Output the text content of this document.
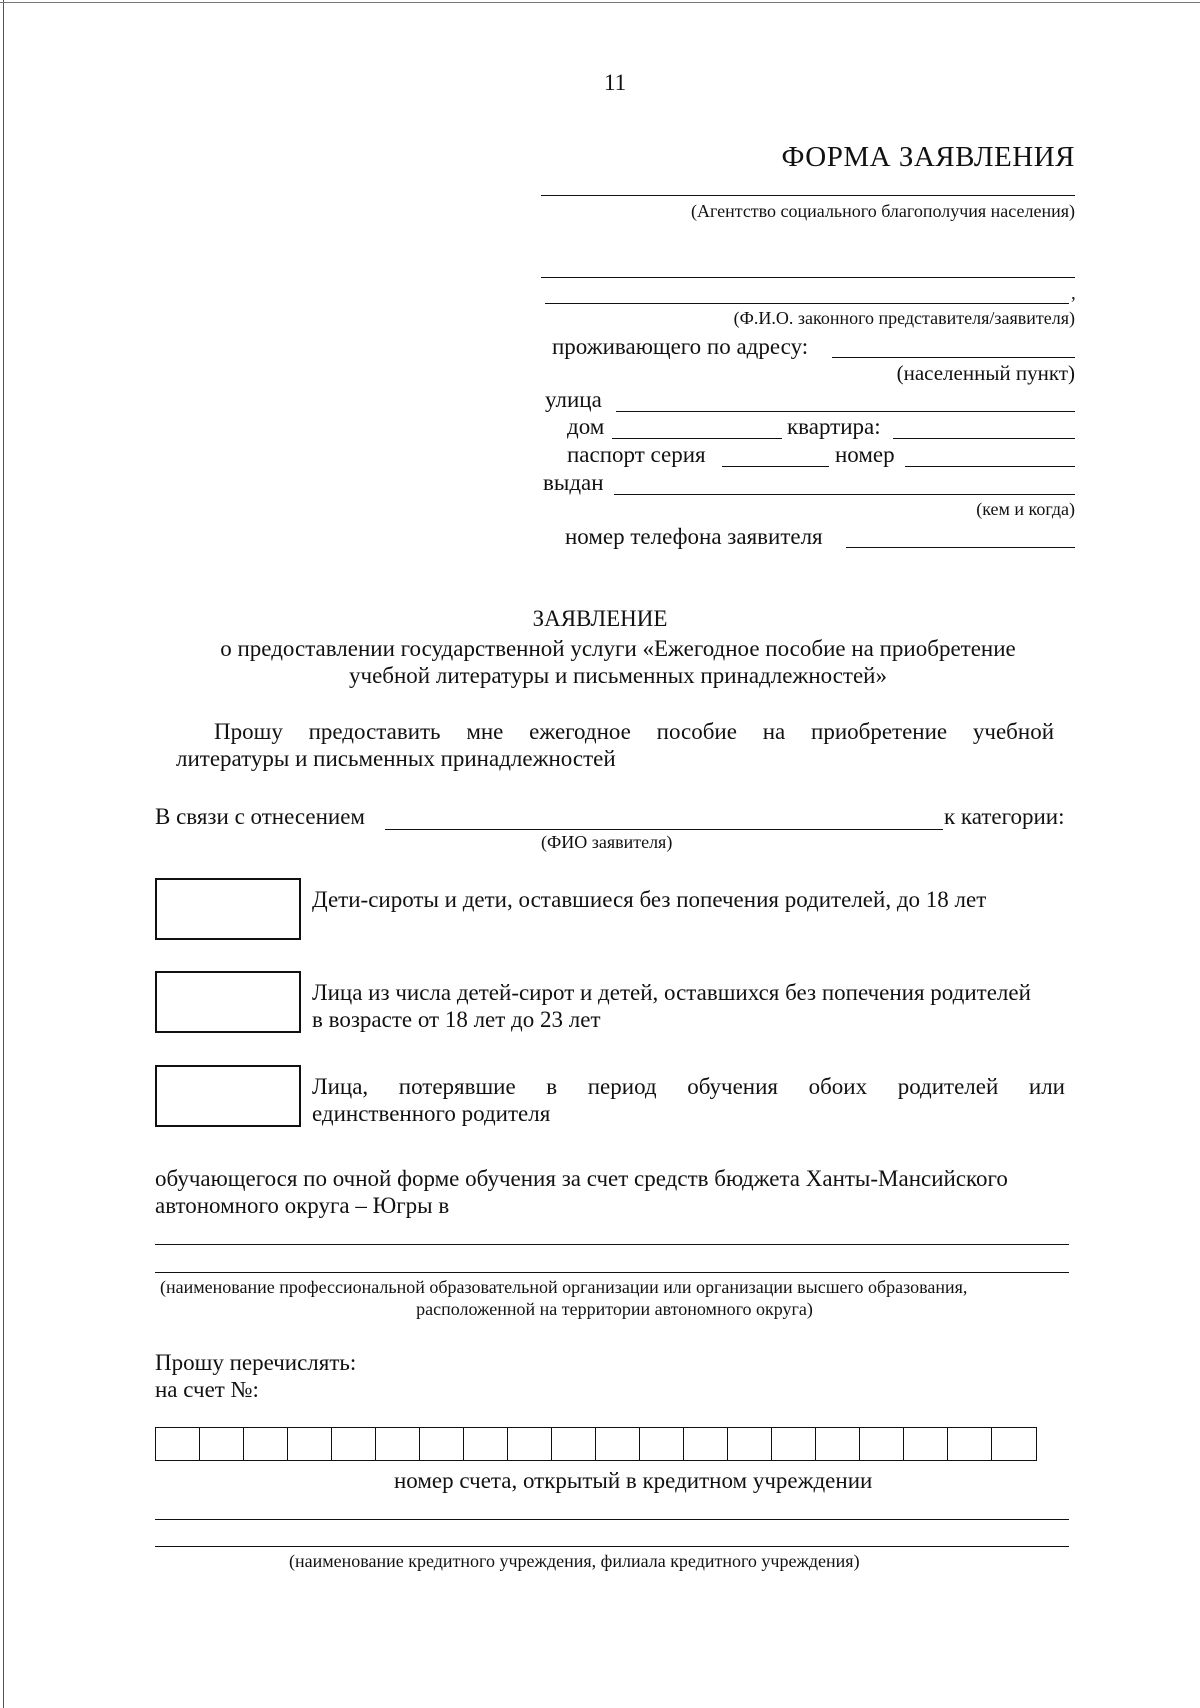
11
ФОРМА ЗАЯВЛЕНИЯ
(Агентство социального благополучия населения)
,
(Ф.И.О. законного представителя/заявителя)
проживающего по адресу:
(населенный пункт)
улица
дом	квартира:
паспорт серия	номер
выдан
(кем и когда)
номер телефона заявителя
ЗАЯВЛЕНИЕ
о предоставлении государственной услуги «Ежегодное пособие на приобретение
учебной литературы и письменных принадлежностей»
Прошу предоставить мне ежегодное пособие на приобретение учебной
литературы и письменных принадлежностей
В связи с отнесением	к категории:
(ФИО заявителя)
Дети-сироты и дети, оставшиеся без попечения родителей, до 18 лет
Лица из числа детей-сирот и детей, оставшихся без попечения родителей
в возрасте от 18 лет до 23 лет
Лица, потерявшие в период обучения обоих родителей или
единственного родителя
обучающегося по очной форме обучения за счет средств бюджета Ханты-Мансийского
автономного округа – Югры в
(наименование профессиональной образовательной организации или организации высшего образования,
расположенной на территории автономного округа)
Прошу перечислять:
на счет №:
номер счета, открытый в кредитном учреждении
(наименование кредитного учреждения, филиала кредитного учреждения)
